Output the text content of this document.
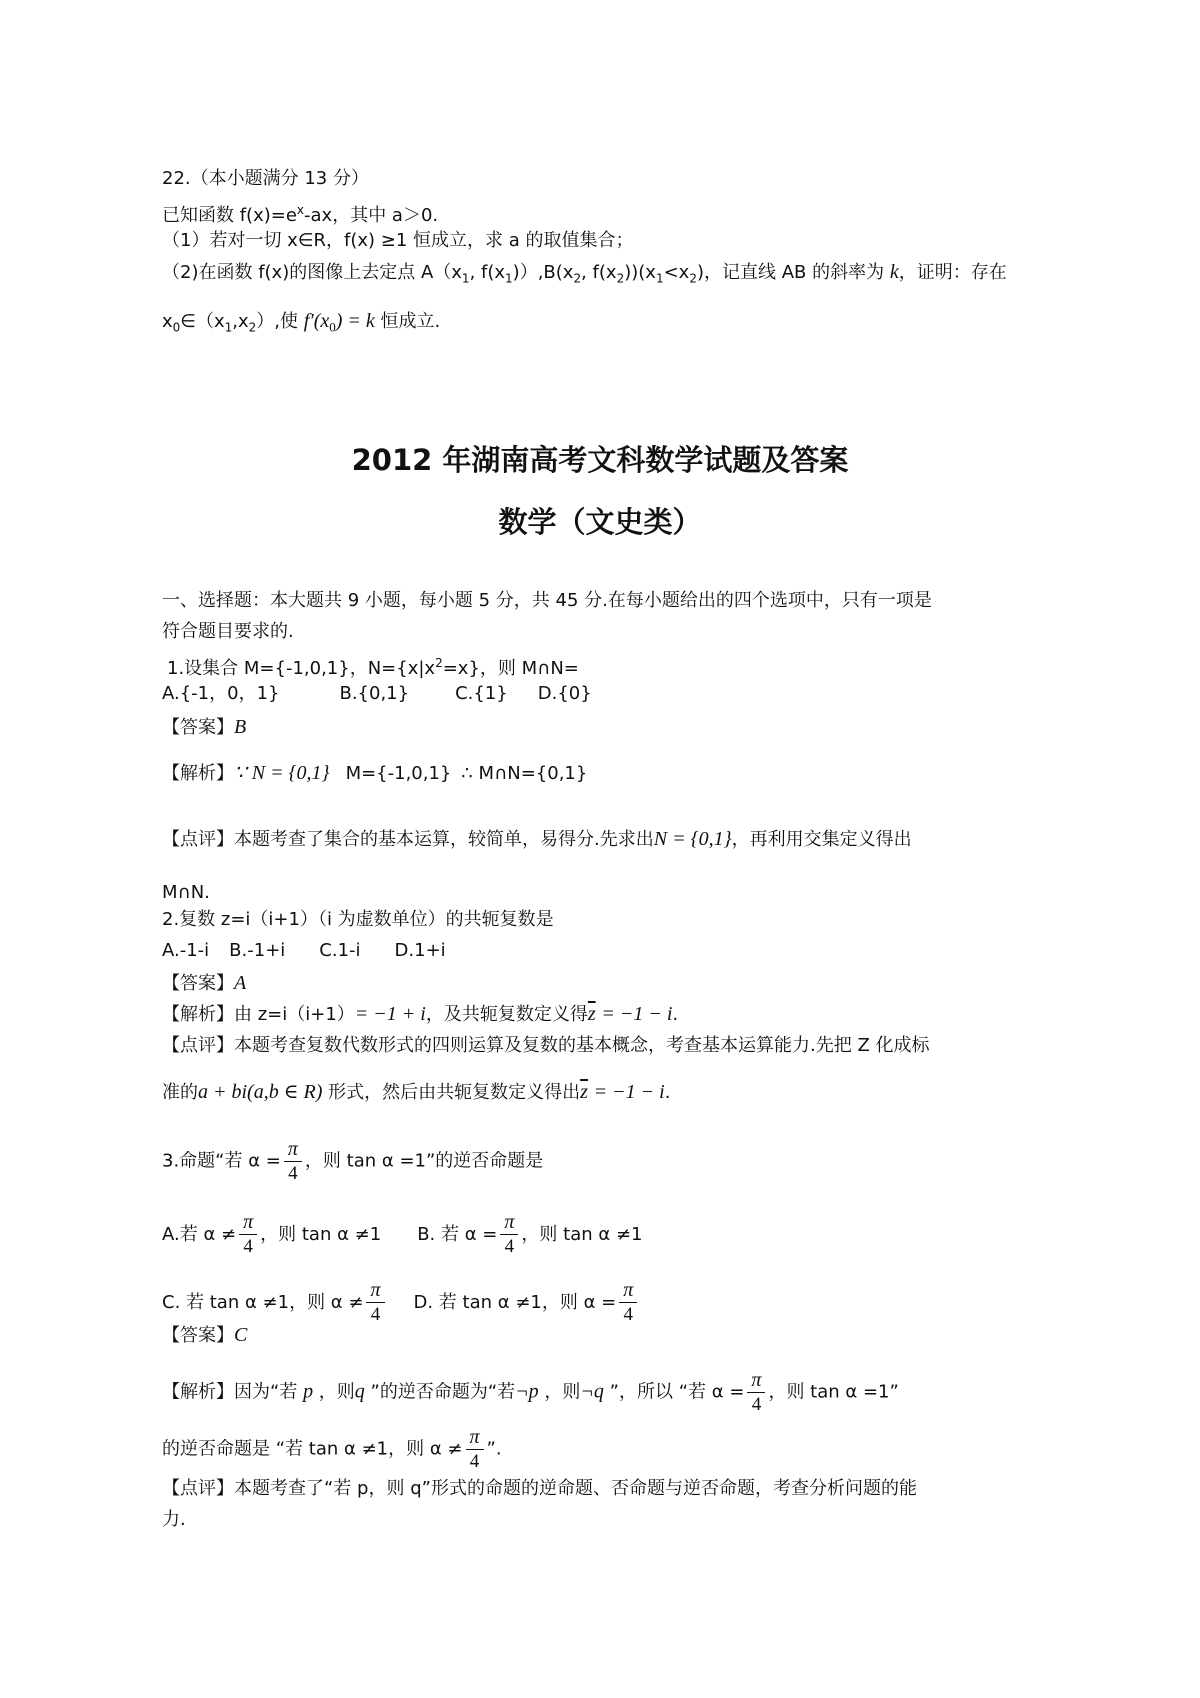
22.（本小题满分 13 分）
已知函数 $f(x)=e^x-ax$，其中 a＞0.
（1）若对一切 x∈R，f(x) ≥1 恒成立，求 a 的取值集合；
（2)在函数 f(x)的图像上去定点 $A(x_1$, $f(x_1)),B(x_2$, $f(x_2))(x_1<x_2)$，记直线 AB 的斜率为 k，证明：存在
$x_0\in(x_1,x_2)$,使 $f'(x_0) = k$ 恒成立.
2012 年湖南高考文科数学试题及答案
数学（文史类）
一、选择题：本大题共 9 小题，每小题 5 分，共 45 分.在每小题给出的四个选项中，只有一项是
符合题目要求的.
1.设集合 M={-1,0,1}，$N=\{x|x^2=x\}$，则 M∩N=
A.{-1，0，1}	B.{0,1}	C.{1} D.{0}
【答案】B
【解析】∵ N = {0,1} M={-1,0,1} ∴ M∩N={0,1}
【点评】本题考查了集合的基本运算，较简单，易得分.先求出N = {0,1}，再利用交集定义得出
M∩N.
2.复数 z=i（i+1）（i 为虚数单位）的共轭复数是
A.-1-i B.-1+i C.1-i D.1+i
【答案】A
【解析】由 z=i（i+1）= −1 + i，及共轭复数定义得$\overline{z} = -1 - i$.
【点评】本题考查复数代数形式的四则运算及复数的基本概念，考查基本运算能力.先把 Z 化成标
准的a + bi(a,b ∈ R) 形式，然后由共轭复数定义得出$\overline{z} = -1 - i$.
3.命题“若 $\alpha = \frac{\pi}{4}$ ，则 tan α =1”的逆否命题是
A.若 $\alpha \ne \frac{\pi}{4}$ ，则 tan α ≠1 B. 若 $\alpha = \frac{\pi}{4}$ ，则 tan α ≠1
C. 若 tan α ≠1，则 $\alpha \ne \frac{\pi}{4} D$. 若 tan α ≠1，则 $\alpha = \frac{\pi}{4}$
【答案】C
【解析】因为“若 p ，则q ”的逆否命题为“若¬p ，则¬q ”，所以 “若 $\alpha = \frac{\pi}{4}$ ，则 tan α =1”
的逆否命题是 “若 tan α ≠1，则 $\alpha \ne \frac{\pi}{4}$ ”.
【点评】本题考查了“若 p，则 q”形式的命题的逆命题、否命题与逆否命题，考查分析问题的能
力.
